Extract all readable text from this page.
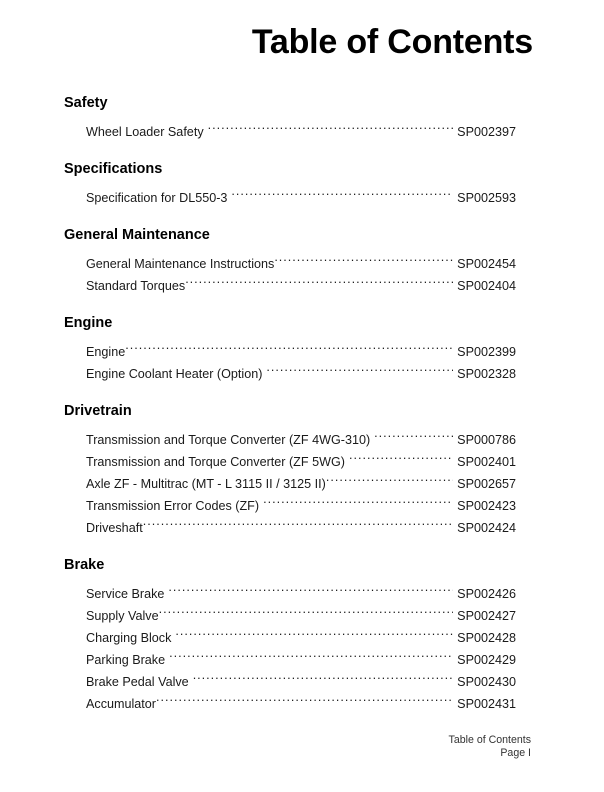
Table of Contents
Safety
Wheel Loader Safety . . .	SP002397
Specifications
Specification for DL550-3 . . .	SP002593
General Maintenance
General Maintenance Instructions . . .	SP002454
Standard Torques . . .	SP002404
Engine
Engine . . .	SP002399
Engine Coolant Heater (Option) . . .	SP002328
Drivetrain
Transmission and Torque Converter (ZF 4WG-310) . . .	SP000786
Transmission and Torque Converter (ZF 5WG) . . .	SP002401
Axle ZF - Multitrac (MT - L 3115 II / 3125 II) . . .	SP002657
Transmission Error Codes (ZF) . . .	SP002423
Driveshaft . . .	SP002424
Brake
Service Brake . . .	SP002426
Supply Valve . . .	SP002427
Charging Block . . .	SP002428
Parking Brake . . .	SP002429
Brake Pedal Valve . . .	SP002430
Accumulator . . .	SP002431
Table of Contents
Page I
